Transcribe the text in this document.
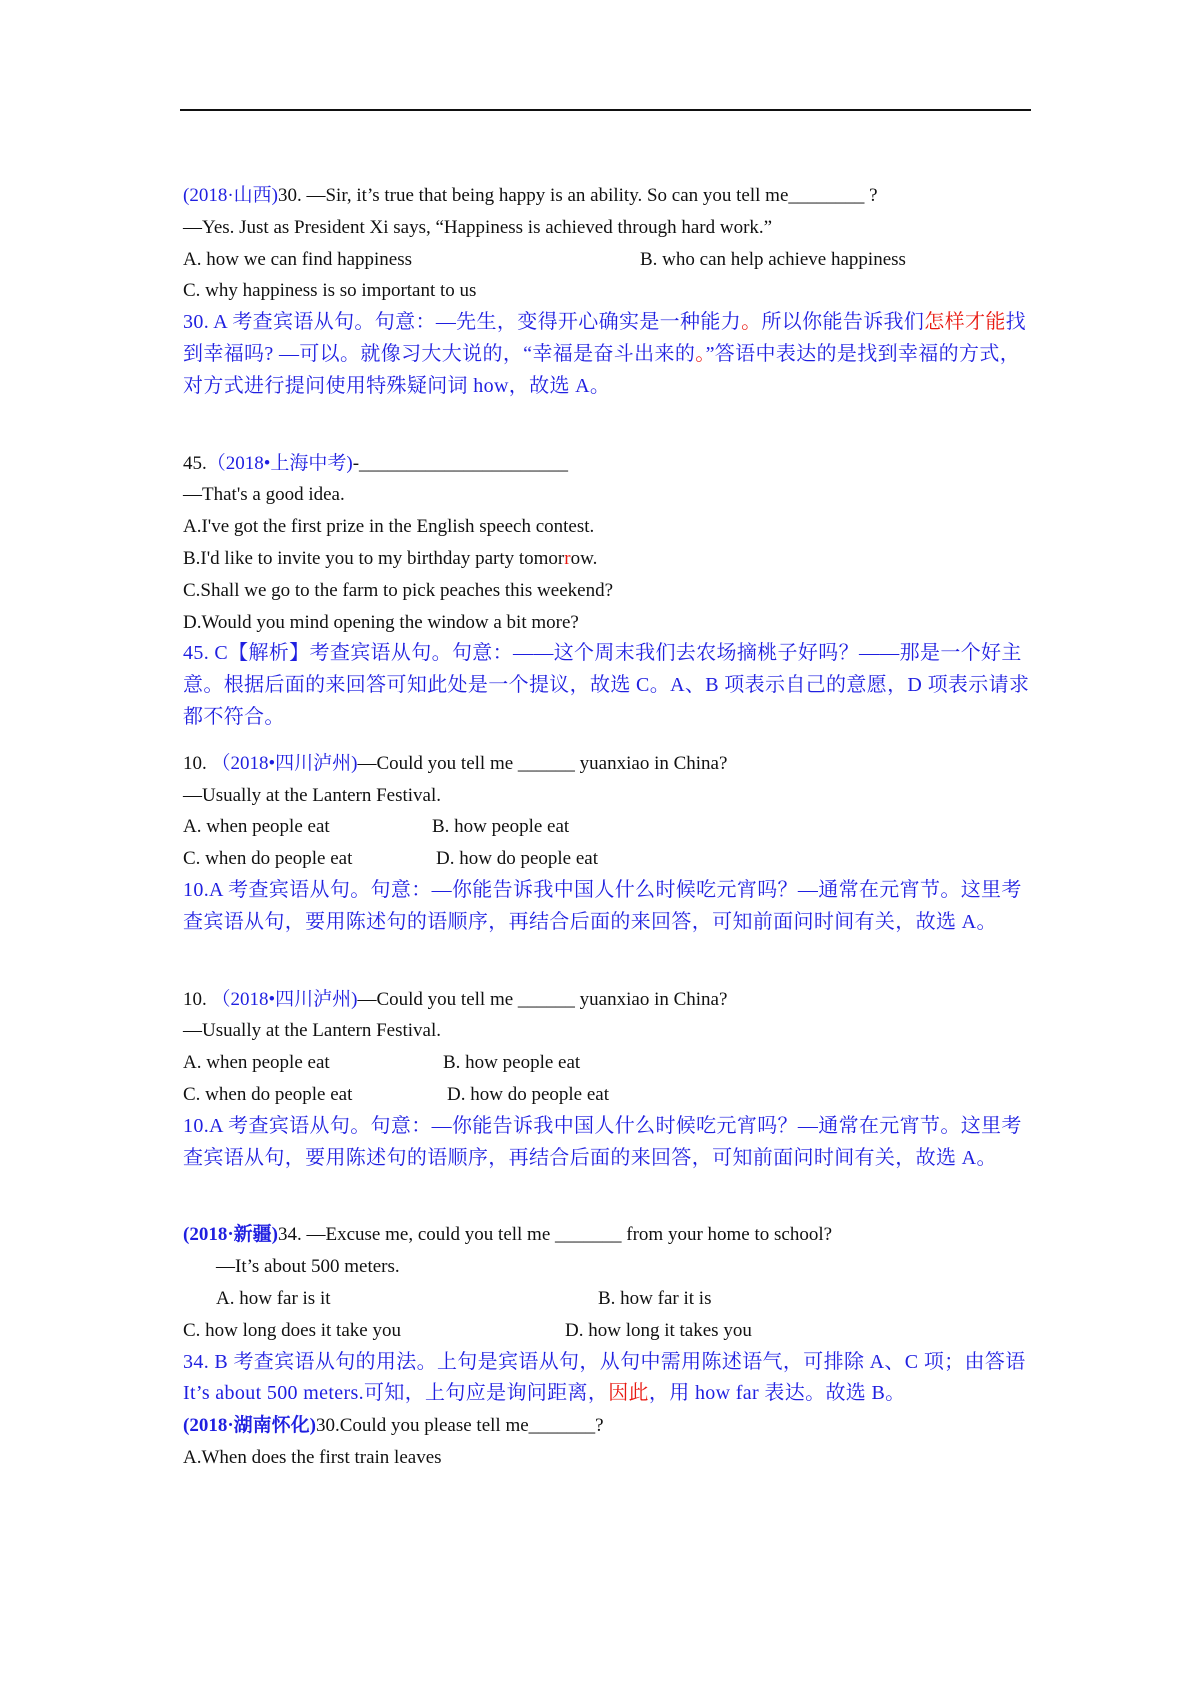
(2018·山西)30. —Sir, it’s true that being happy is an ability. So can you tell me________ ?
—Yes. Just as President Xi says, “Happiness is achieved through hard work.”
A. how we can find happiness	B. who can help achieve happiness
C. why happiness is so important to us
30. A 考查宾语从句。句意：—先生，变得开心确实是一种能力。所以你能告诉我们怎样才能找到幸福吗? —可以。就像习大大说的，“幸福是奋斗出来的。”答语中表达的是找到幸福的方式，对方式进行提问使用特殊疑问词 how，故选 A。
45.（2018•上海中考)-______________________
—That's a good idea.
A.I've got the first prize in the English speech contest.
B.I'd like to invite you to my birthday party tomorrow.
C.Shall we go to the farm to pick peaches this weekend?
D.Would you mind opening the window a bit more?
45. C【解析】考查宾语从句。句意：——这个周末我们去农场摘桃子好吗？——那是一个好主意。根据后面的来回答可知此处是一个提议，故选 C。A、B 项表示自己的意愿，D 项表示请求都不符合。
10. （2018•四川泸州)—Could you tell me ______ yuanxiao in China?
—Usually at the Lantern Festival.
A. when people eat	B. how people eat
C. when do people eat	D. how do people eat
10.A 考查宾语从句。句意：—你能告诉我中国人什么时候吃元宵吗？—通常在元宵节。这里考查宾语从句，要用陈述句的语顺序，再结合后面的来回答，可知前面问时间有关，故选 A。
10. （2018•四川泸州)—Could you tell me ______ yuanxiao in China?
—Usually at the Lantern Festival.
A. when people eat	B. how people eat
C. when do people eat	D. how do people eat
10.A 考查宾语从句。句意：—你能告诉我中国人什么时候吃元宵吗？—通常在元宵节。这里考查宾语从句，要用陈述句的语顺序，再结合后面的来回答，可知前面问时间有关，故选 A。
(2018·新疆)34. —Excuse me, could you tell me _______ from your home to school?
—It’s about 500 meters.
A. how far is it	B. how far it is
C. how long does it take you	D. how long it takes you
34. B 考查宾语从句的用法。上句是宾语从句，从句中需用陈述语气，可排除 A、C 项；由答语 It’s about 500 meters.可知，上句应是询问距离，因此，用 how far 表达。故选 B。
(2018·湖南怀化)30.Could you please tell me_______?
A.When does the first train leaves
